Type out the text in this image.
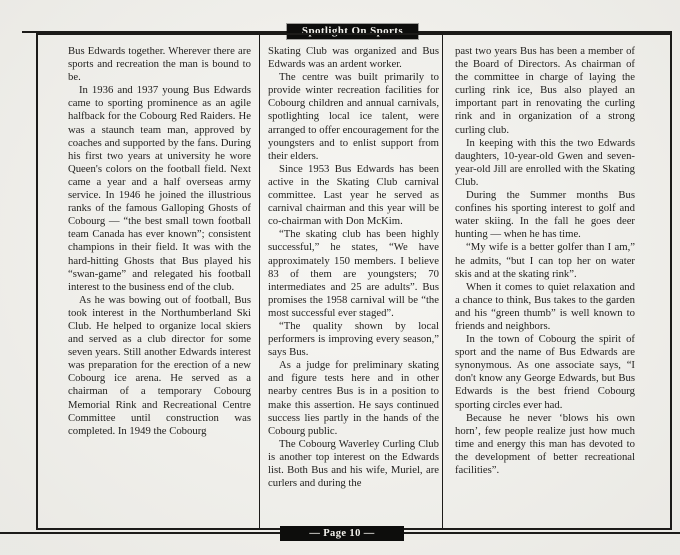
Spotlight On Sports

Bus Edwards together. Wherever there are sports and recreation the man is bound to be.

In 1936 and 1937 young Bus Edwards came to sporting prominence as an agile halfback for the Cobourg Red Raiders. He was a staunch team man, approved by coaches and supported by the fans. During his first two years at university he wore Queen's colors on the football field. Next came a year and a half overseas army service. In 1946 he joined the illustrious ranks of the famous Galloping Ghosts of Cobourg — “the best small town football team Canada has ever known”; consistent champions in their field. It was with the hard-hitting Ghosts that Bus played his “swan-game” and relegated his football interest to the business end of the club.

As he was bowing out of football, Bus took interest in the Northumberland Ski Club. He helped to organize local skiers and served as a club director for some seven years. Still another Edwards interest was preparation for the erection of a new Cobourg ice arena. He served as a chairman of a temporary Cobourg Memorial Rink and Recreational Centre Committee until construction was completed. In 1949 the Cobourg

Skating Club was organized and Bus Edwards was an ardent worker.

The centre was built primarily to provide winter recreation facilities for Cobourg children and annual carnivals, spotlighting local ice talent, were arranged to offer encouragement for the youngsters and to enlist support from their elders.

Since 1953 Bus Edwards has been active in the Skating Club carnival committee. Last year he served as carnival chairman and this year will be co-chairman with Don McKim.

“The skating club has been highly successful,” he states, “We have approximately 150 members. I believe 83 of them are youngsters; 70 intermediates and 25 are adults”. Bus promises the 1958 carnival will be “the most successful ever staged”.

“The quality shown by local performers is improving every season,” says Bus.

As a judge for preliminary skating and figure tests here and in other nearby centres Bus is in a position to make this assertion. He says continued success lies partly in the hands of the Cobourg public.

The Cobourg Waverley Curling Club is another top interest on the Edwards list. Both Bus and his wife, Muriel, are curlers and during the

past two years Bus has been a member of the Board of Directors. As chairman of the committee in charge of laying the curling rink ice, Bus also played an important part in renovating the curling rink and in organization of a strong curling club.

In keeping with this the two Edwards daughters, 10-year-old Gwen and seven-year-old Jill are enrolled with the Skating Club.

During the Summer months Bus confines his sporting interest to golf and water skiing. In the fall he goes deer hunting — when he has time.

“My wife is a better golfer than I am,” he admits, “but I can top her on water skis and at the skating rink”.

When it comes to quiet relaxation and a chance to think, Bus takes to the garden and his “green thumb” is well known to friends and neighbors.

In the town of Cobourg the spirit of sport and the name of Bus Edwards are synonymous. As one associate says, “I don't know any George Edwards, but Bus Edwards is the best friend Cobourg sporting circles ever had.

Because he never ‘blows his own horn’, few people realize just how much time and energy this man has devoted to the development of better recreational facilities”.

— Page 10 —
